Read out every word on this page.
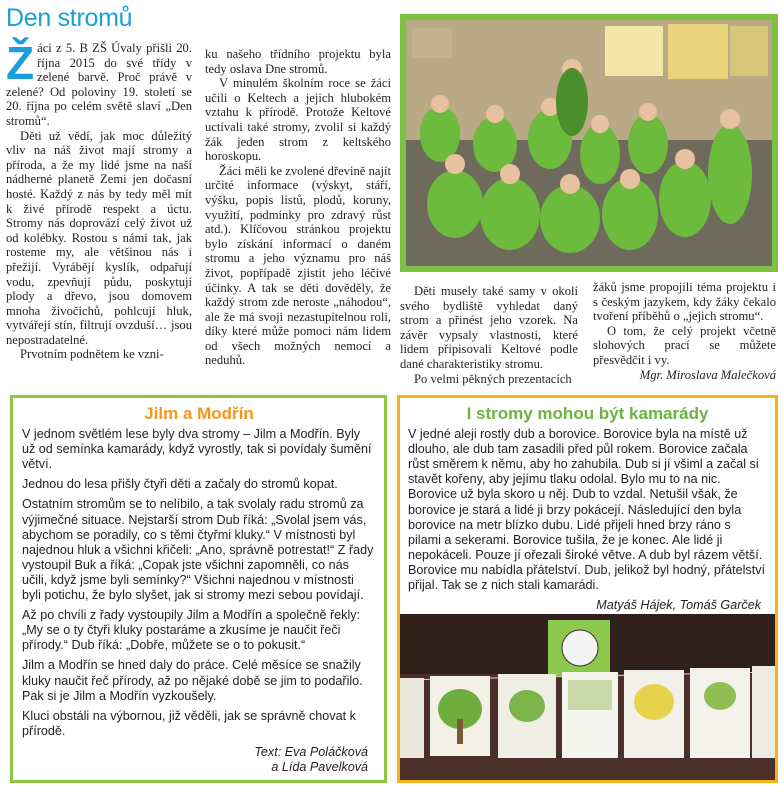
Den stromů

Žáci z 5. B ZŠ Úvaly přišli 20. října 2015 do své třídy v zelené barvě. Proč právě v zelené? Od poloviny 19. století se 20. října po celém světě slaví „Den stromů“.

Děti už vědí, jak moc důležitý vliv na náš život mají stromy a příroda, a že my lidé jsme na naší nádherné planetě Zemi jen dočasní hosté. Každý z nás by tedy měl mít k živé přírodě respekt a úctu. Stromy nás doprovází celý život už od kolébky. Rostou s námi tak, jak rosteme my, ale většinou nás i přežijí. Vyrábějí kyslík, odpařují vodu, zpevňují půdu, poskytují plody a dřevo, jsou domovem mnoha živočichů, pohlcují hluk, vytvářejí stín, filtrují ovzduší… jsou nepostradatelné.

Prvotním podnětem ke vzni-

ku našeho třídního projektu byla tedy oslava Dne stromů.

V minulém školním roce se žáci učili o Keltech a jejich hlubokém vztahu k přírodě. Protože Keltové uctívali také stromy, zvolil si každý žák jeden strom z keltského horoskopu.

Žáci měli ke zvolené dřevině najít určité informace (výskyt, stáří, výšku, popis listů, plodů, koruny, využití, podmínky pro zdravý růst atd.). Klíčovou stránkou projektu bylo získání informací o daném stromu a jeho významu pro náš život, popřípadě zjistit jeho léčivé účinky. A tak se děti dověděly, že každý strom zde neroste „náhodou“, ale že má svoji nezastupitelnou roli, díky které může pomoci nám lidem od všech možných nemocí a neduhů.

Děti musely také samy v okolí svého bydliště vyhledat daný strom a přinést jeho vzorek. Na závěr vypsaly vlastnosti, které lidem připisovali Keltové podle dané charakteristiky stromu.

Po velmi pěkných prezentacích

žáků jsme propojili téma projektu i s českým jazykem, kdy žáky čekalo tvoření příběhů o „jejich stromu“.

O tom, že celý projekt včetně slohových prací se můžete přesvědčit i vy.

Mgr. Miroslava Malečková
Jilm a Modřín

V jednom světlém lese byly dva stromy – Jilm a Modřín. Byly už od semínka kamarády, když vyrostly, tak si povídaly šumění větví.

Jednou do lesa přišly čtyři děti a začaly do stromů kopat.

Ostatním stromům se to nelíbilo, a tak svolaly radu stromů za výjimečné situace. Nejstarší strom Dub říká: „Svolal jsem vás, abychom se poradily, co s těmi čtyřmi kluky.“ V místnosti byl najednou hluk a všichni křičeli: „Ano, správně potrestat!“ Z řady vystoupil Buk a říká: „Copak jste všichni zapomněli, co nás učili, když jsme byli semínky?“ Všichni najednou v místnosti byli potichu, že bylo slyšet, jak si stromy mezi sebou povídají.

Až po chvíli z řady vystoupily Jilm a Modřín a společně řekly: „My se o ty čtyři kluky postaráme a zkusíme je naučit řeči přírody.“ Dub říká: „Dobře, můžete se o to pokusit.“

Jilm a Modřín se hned daly do práce. Celé měsíce se snažily kluky naučit řeč přírody, až po nějaké době se jim to podařilo. Pak si je Jilm a Modřín vyzkoušely.

Kluci obstáli na výbornou, již věděli, jak se správně chovat k přírodě.

Text: Eva Poláčková
a Lída Pavelková
I stromy mohou být kamarády

V jedné aleji rostly dub a borovice. Borovice byla na místě už dlouho, ale dub tam zasadili před půl rokem. Borovice začala růst směrem k němu, aby ho zahubila. Dub si jí všiml a začal si stavět kořeny, aby jejímu tlaku odolal. Bylo mu to na nic. Borovice už byla skoro u něj. Dub to vzdal. Netušil však, že borovice je stará a lidé ji brzy pokácejí. Následující den byla borovice na metr blízko dubu. Lidé přijeli hned brzy ráno s pilami a sekerami. Borovice tušila, že je konec. Ale lidé ji nepokáceli. Pouze jí ořezali široké větve. A dub byl rázem větší. Borovice mu nabídla přátelství. Dub, jelikož byl hodný, přátelství přijal. Tak se z nich stali kamarádi.

Matyáš Hájek, Tomáš Garček
